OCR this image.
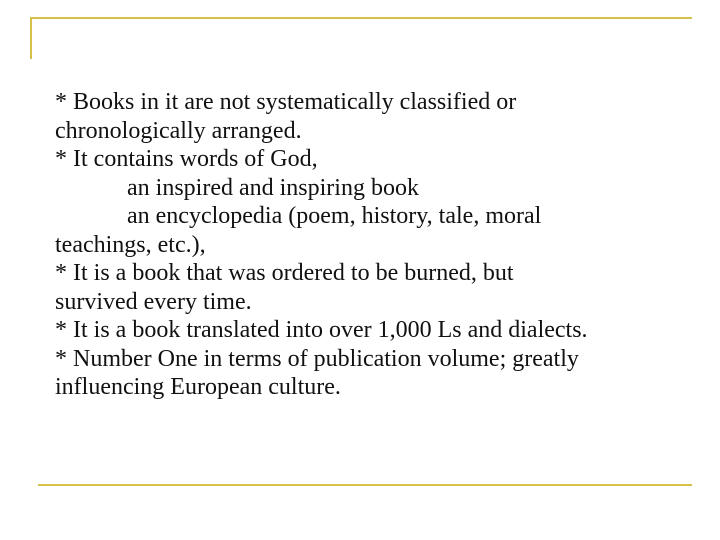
* Books in it are not systematically classified or
chronologically arranged.
* It contains words of God,
an inspired and inspiring book
an encyclopedia (poem, history, tale, moral
teachings, etc.),
* It is a book that was ordered to be burned, but
survived every time.
* It is a book translated into over 1,000 Ls and dialects.
* Number One in terms of publication volume; greatly
influencing European culture.
